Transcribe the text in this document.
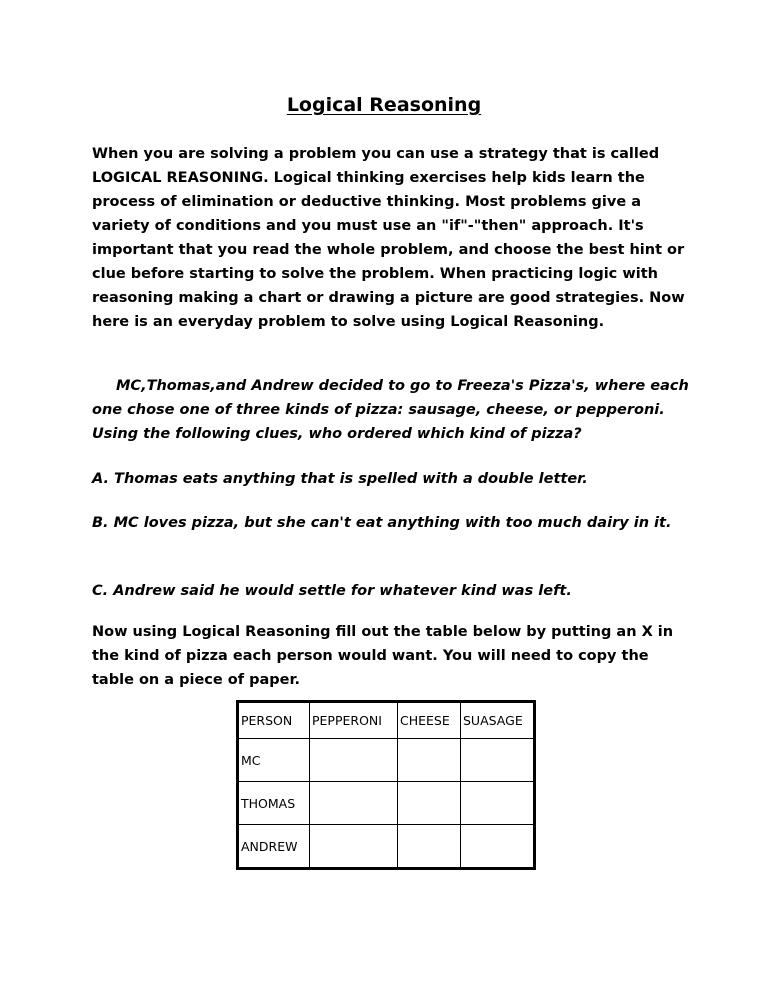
Logical Reasoning

When you are solving a problem you can use a strategy that is called LOGICAL REASONING. Logical thinking exercises help kids learn the process of elimination or deductive thinking. Most problems give a variety of conditions and you must use an "if"-"then" approach. It's important that you read the whole problem, and choose the best hint or clue before starting to solve the problem. When practicing logic with reasoning making a chart or drawing a picture are good strategies. Now here is an everyday problem to solve using Logical Reasoning.

MC,Thomas,and Andrew decided to go to Freeza's Pizza's, where each one chose one of three kinds of pizza: sausage, cheese, or pepperoni. Using the following clues, who ordered which kind of pizza?

A. Thomas eats anything that is spelled with a double letter.

B. MC loves pizza, but she can't eat anything with too much dairy in it.

C. Andrew said he would settle for whatever kind was left.

Now using Logical Reasoning fill out the table below by putting an X in the kind of pizza each person would want. You will need to copy the table on a piece of paper.

PERSON	PEPPERONI	CHEESE	SUASAGE
MC			
THOMAS			
ANDREW			
